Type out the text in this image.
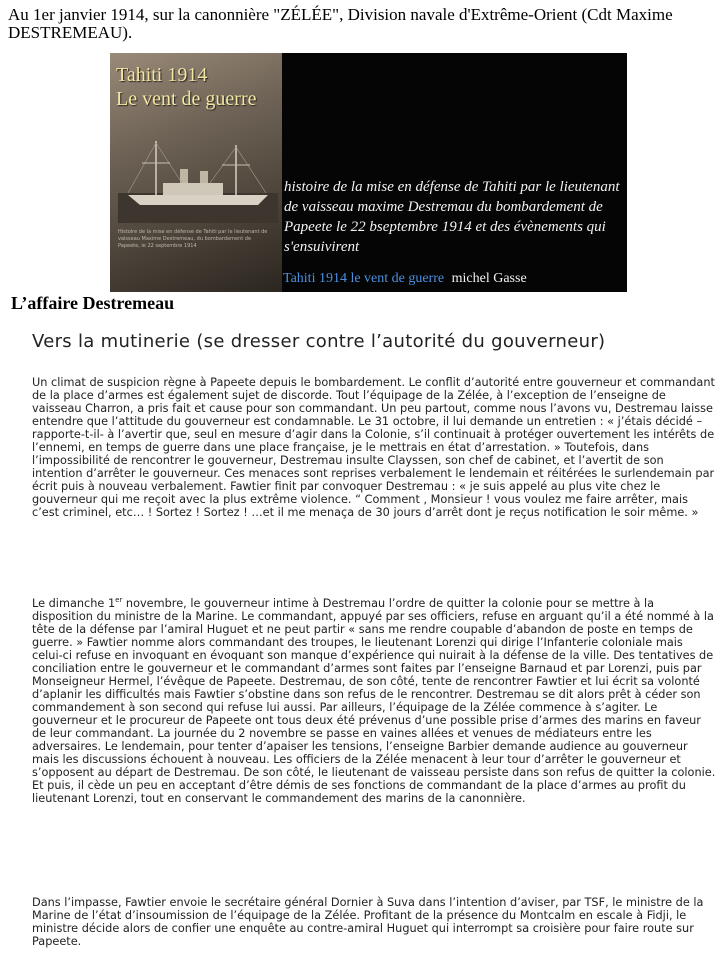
Au 1er janvier 1914, sur la canonnière "ZÉLÉE", Division navale d'Extrême-Orient (Cdt Maxime DESTREMEAU).
Tahiti 1914
Le vent de guerre
Histoire de la mise en défense de Tahiti par le lieutenant de vaisseau Maxime Destremeau, du bombardement de Papeete, le 22 septembre 1914
histoire de la mise en défense de Tahiti par le lieutenant de vaisseau maxime Destremau du bombardement de Papeete le 22 bseptembre 1914 et des évènements qui s'ensuivirent
Tahiti 1914 le vent de guerre michel Gasse
L’affaire Destremeau
Vers la mutinerie (se dresser contre l’autorité du gouverneur)

Un climat de suspicion règne à Papeete depuis le bombardement. Le conflit d’autorité entre gouverneur et commandant de la place d’armes est également sujet de discorde. Tout l’équipage de la Zélée, à l’exception de l’enseigne de vaisseau Charron, a pris fait et cause pour son commandant. Un peu partout, comme nous l’avons vu, Destremau laisse entendre que l’attitude du gouverneur est condamnable. Le 31 octobre, il lui demande un entretien : « j’étais décidé –rapporte-t-il- à l’avertir que, seul en mesure d’agir dans la Colonie, s’il continuait à protéger ouvertement les intérêts de l’ennemi, en temps de guerre dans une place française, je le mettrais en état d’arrestation. » Toutefois, dans l’impossibilité de rencontrer le gouverneur, Destremau insulte Clayssen, son chef de cabinet, et l’avertit de son intention d’arrêter le gouverneur. Ces menaces sont reprises verbalement le lendemain et réitérées le surlendemain par écrit puis à nouveau verbalement. Fawtier finit par convoquer Destremau : « je suis appelé au plus vite chez le gouverneur qui me reçoit avec la plus extrême violence. “ Comment , Monsieur ! vous voulez me faire arrêter, mais c’est criminel, etc… ! Sortez ! Sortez ! …et il me menaça de 30 jours d’arrêt dont je reçus notification le soir même. »

Le dimanche 1er novembre, le gouverneur intime à Destremau l’ordre de quitter la colonie pour se mettre à la disposition du ministre de la Marine. Le commandant, appuyé par ses officiers, refuse en arguant qu’il a été nommé à la tête de la défense par l’amiral Huguet et ne peut partir « sans me rendre coupable d’abandon de poste en temps de guerre. » Fawtier nomme alors commandant des troupes, le lieutenant Lorenzi qui dirige l’Infanterie coloniale mais celui-ci refuse en invoquant en évoquant son manque d’expérience qui nuirait à la défense de la ville. Des tentatives de conciliation entre le gouverneur et le commandant d’armes sont faites par l’enseigne Barnaud et par Lorenzi, puis par Monseigneur Hermel, l’évêque de Papeete. Destremau, de son côté, tente de rencontrer Fawtier et lui écrit sa volonté d’aplanir les difficultés mais Fawtier s’obstine dans son refus de le rencontrer. Destremau se dit alors prêt à céder son commandement à son second qui refuse lui aussi. Par ailleurs, l’équipage de la Zélée commence à s’agiter. Le gouverneur et le procureur de Papeete ont tous deux été prévenus d’une possible prise d’armes des marins en faveur de leur commandant. La journée du 2 novembre se passe en vaines allées et venues de médiateurs entre les adversaires. Le lendemain, pour tenter d’apaiser les tensions, l’enseigne Barbier demande audience au gouverneur mais les discussions échouent à nouveau. Les officiers de la Zélée menacent à leur tour d’arrêter le gouverneur et s’opposent au départ de Destremau. De son côté, le lieutenant de vaisseau persiste dans son refus de quitter la colonie. Et puis, il cède un peu en acceptant d’être démis de ses fonctions de commandant de la place d’armes au profit du lieutenant Lorenzi, tout en conservant le commandement des marins de la canonnière.

Dans l’impasse, Fawtier envoie le secrétaire général Dornier à Suva dans l’intention d’aviser, par TSF, le ministre de la Marine de l’état d’insoumission de l’équipage de la Zélée. Profitant de la présence du Montcalm en escale à Fidji, le ministre décide alors de confier une enquête au contre-amiral Huguet qui interrompt sa croisière pour faire route sur Papeete.
